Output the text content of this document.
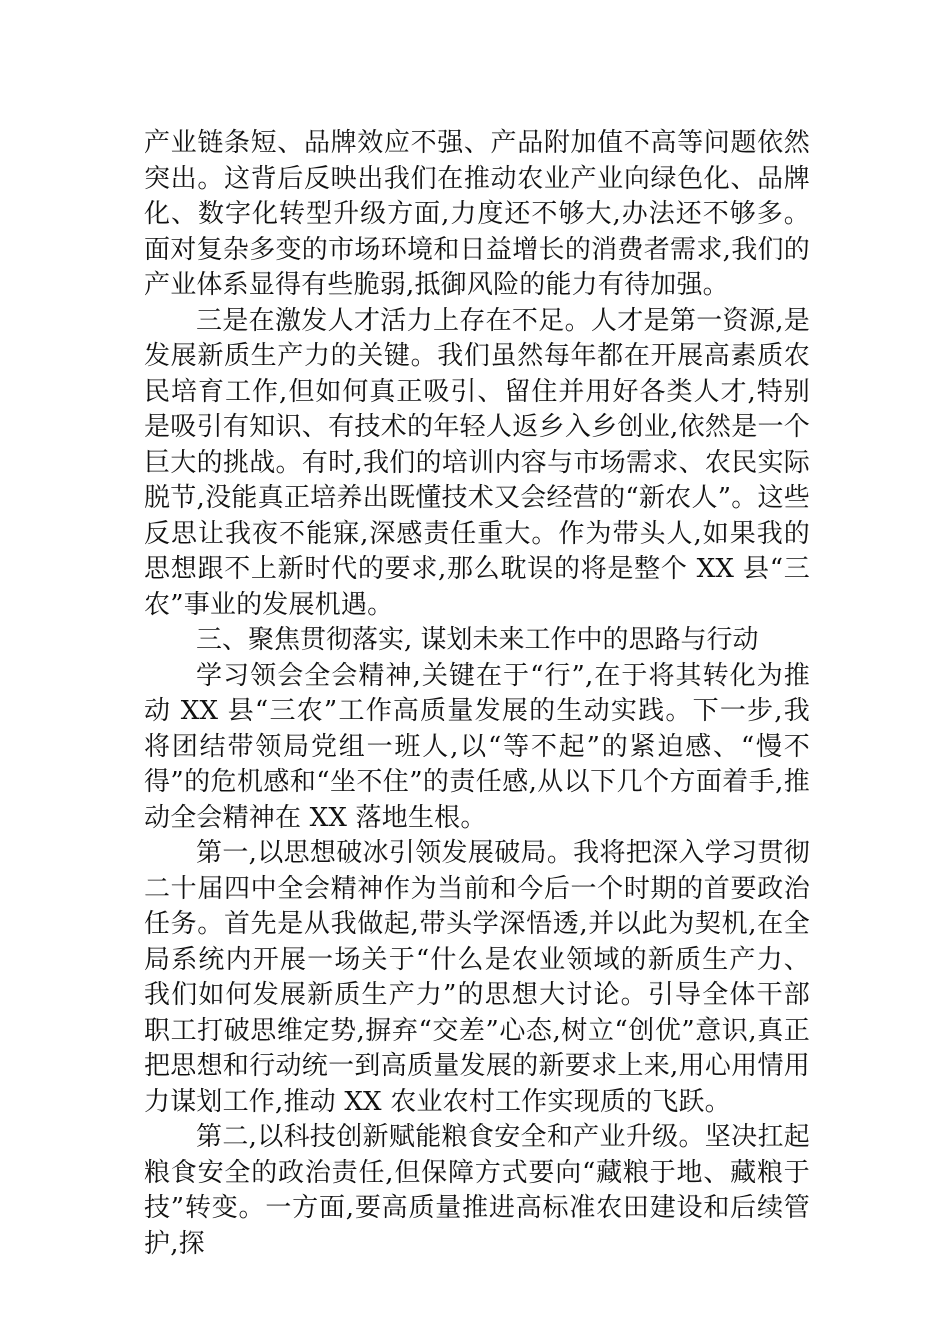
产业链条短、品牌效应不强、产品附加值不高等问题依然突出。这背后反映出我们在推动农业产业向绿色化、品牌化、数字化转型升级方面,力度还不够大,办法还不够多。面对复杂多变的市场环境和日益增长的消费者需求,我们的产业体系显得有些脆弱,抵御风险的能力有待加强。

三是在激发人才活力上存在不足。人才是第一资源,是发展新质生产力的关键。我们虽然每年都在开展高素质农民培育工作,但如何真正吸引、留住并用好各类人才,特别是吸引有知识、有技术的年轻人返乡入乡创业,依然是一个巨大的挑战。有时,我们的培训内容与市场需求、农民实际脱节,没能真正培养出既懂技术又会经营的“新农人”。这些反思让我夜不能寐,深感责任重大。作为带头人,如果我的思想跟不上新时代的要求,那么耽误的将是整个 XX 县“三农”事业的发展机遇。

三、聚焦贯彻落实, 谋划未来工作中的思路与行动

学习领会全会精神,关键在于“行”,在于将其转化为推动 XX 县“三农”工作高质量发展的生动实践。下一步,我将团结带领局党组一班人,以“等不起”的紧迫感、“慢不得”的危机感和“坐不住”的责任感,从以下几个方面着手,推动全会精神在 XX 落地生根。

第一,以思想破冰引领发展破局。我将把深入学习贯彻二十届四中全会精神作为当前和今后一个时期的首要政治任务。首先是从我做起,带头学深悟透,并以此为契机,在全局系统内开展一场关于“什么是农业领域的新质生产力、我们如何发展新质生产力”的思想大讨论。引导全体干部职工打破思维定势,摒弃“交差”心态,树立“创优”意识,真正把思想和行动统一到高质量发展的新要求上来,用心用情用力谋划工作,推动 XX 农业农村工作实现质的飞跃。

第二,以科技创新赋能粮食安全和产业升级。坚决扛起粮食安全的政治责任,但保障方式要向“藏粮于地、藏粮于技”转变。一方面,要高质量推进高标准农田建设和后续管护,探
